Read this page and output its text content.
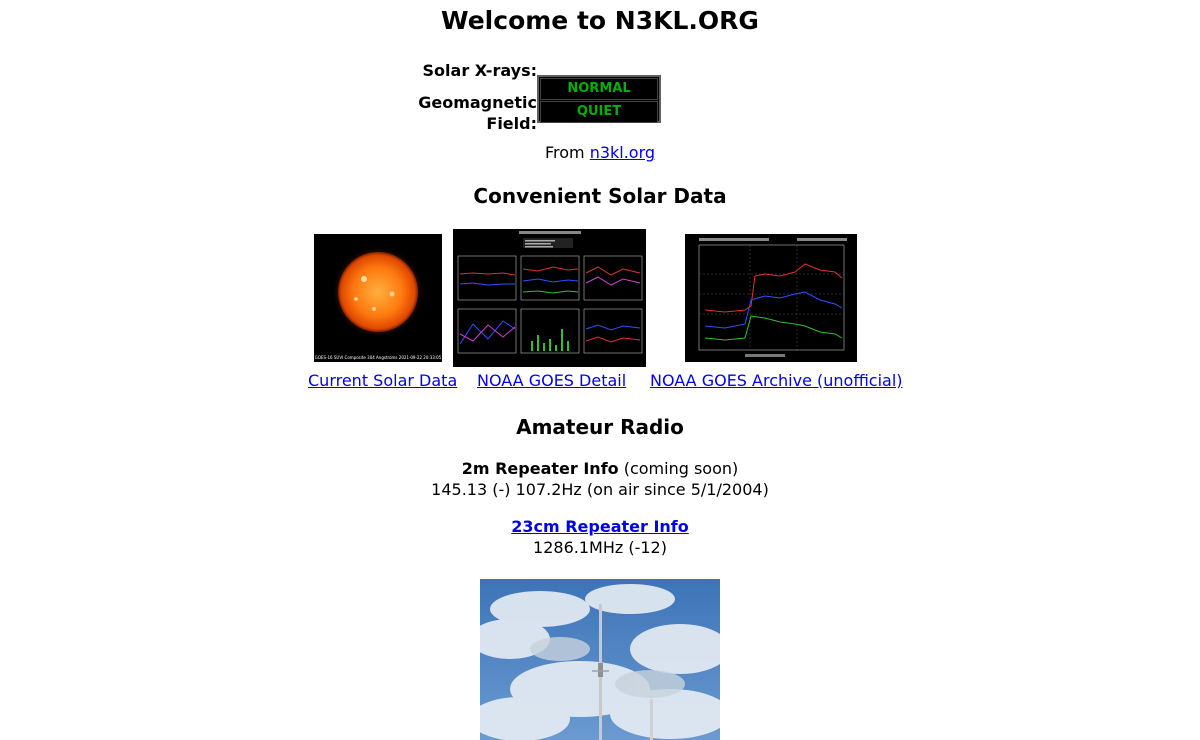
Welcome to N3KL.ORG
Solar X-rays:
Geomagnetic
Field:
NORMAL
QUIET
From n3kl.org
Convenient Solar Data
GOES-16 SUVI Composite 304 Angstroms 2021-09-22 20:33:05
Current Solar Data NOAA GOES Detail NOAA GOES Archive (unofficial)
Amateur Radio
2m Repeater Info (coming soon)
145.13 (-) 107.2Hz (on air since 5/1/2004)
23cm Repeater Info
1286.1MHz (-12)
